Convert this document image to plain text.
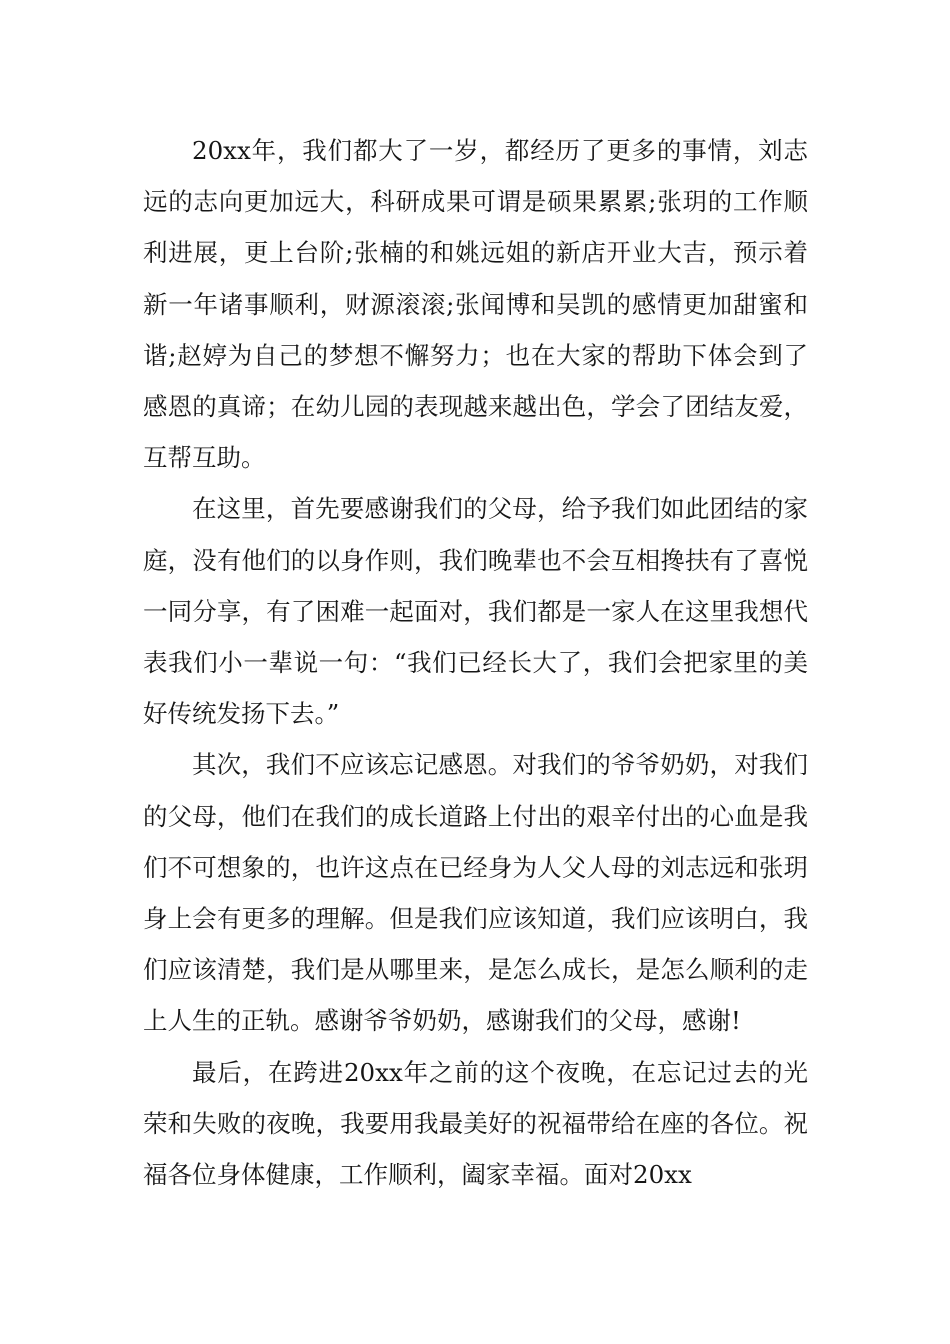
20xx年，我们都大了一岁，都经历了更多的事情，刘志远的志向更加远大，科研成果可谓是硕果累累;张玥的工作顺利进展，更上台阶;张楠的和姚远姐的新店开业大吉，预示着新一年诸事顺利，财源滚滚;张闻博和吴凯的感情更加甜蜜和谐;赵婷为自己的梦想不懈努力；也在大家的帮助下体会到了感恩的真谛；在幼儿园的表现越来越出色，学会了团结友爱，互帮互助。

在这里，首先要感谢我们的父母，给予我们如此团结的家庭，没有他们的以身作则，我们晚辈也不会互相搀扶有了喜悦一同分享，有了困难一起面对，我们都是一家人在这里我想代表我们小一辈说一句：“我们已经长大了，我们会把家里的美好传统发扬下去。”

其次，我们不应该忘记感恩。对我们的爷爷奶奶，对我们的父母，他们在我们的成长道路上付出的艰辛付出的心血是我们不可想象的，也许这点在已经身为人父人母的刘志远和张玥身上会有更多的理解。但是我们应该知道，我们应该明白，我们应该清楚，我们是从哪里来，是怎么成长，是怎么顺利的走上人生的正轨。感谢爷爷奶奶，感谢我们的父母，感谢!

最后，在跨进20xx年之前的这个夜晚，在忘记过去的光荣和失败的夜晚，我要用我最美好的祝福带给在座的各位。祝福各位身体健康，工作顺利，阖家幸福。面对20xx
